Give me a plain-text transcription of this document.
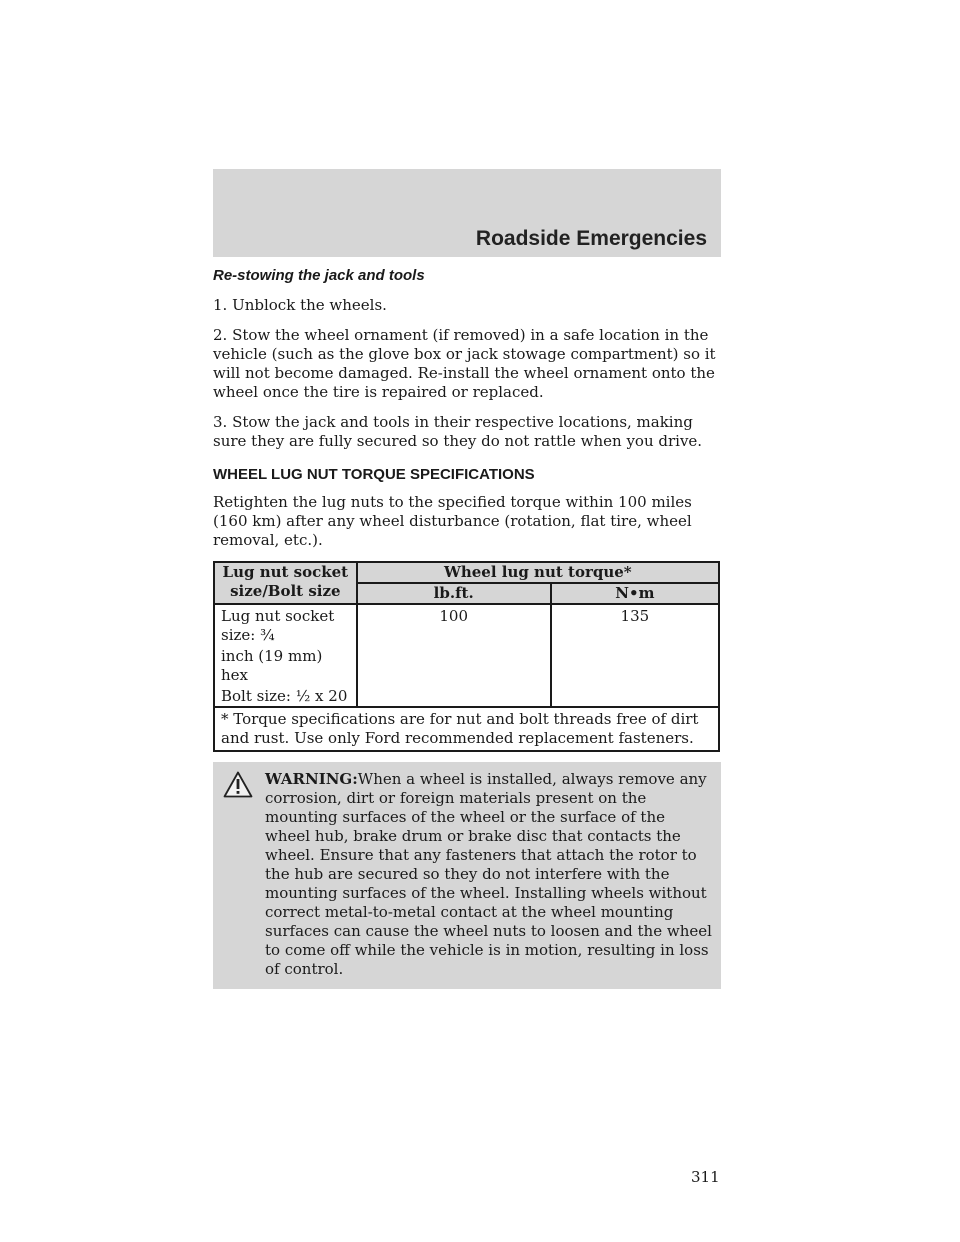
Roadside Emergencies
Re-stowing the jack and tools

1. Unblock the wheels.

2. Stow the wheel ornament (if removed) in a safe location in the vehicle (such as the glove box or jack stowage compartment) so it will not become damaged. Re-install the wheel ornament onto the wheel once the tire is repaired or replaced.

3. Stow the jack and tools in their respective locations, making sure they are fully secured so they do not rattle when you drive.

WHEEL LUG NUT TORQUE SPECIFICATIONS

Retighten the lug nuts to the specified torque within 100 miles (160 km) after any wheel disturbance (rotation, flat tire, wheel removal, etc.).

Lug nut socket size/Bolt size	Wheel lug nut torque*	
	lb.ft.	N•m

Lug nut socket size: ¾
inch (19 mm) hex
Bolt size: ½ x 20	100	135

* Torque specifications are for nut and bolt threads free of dirt and rust. Use only Ford recommended replacement fasteners.		
WARNING:When a wheel is installed, always remove any corrosion, dirt or foreign materials present on the mounting surfaces of the wheel or the surface of the wheel hub, brake drum or brake disc that contacts the wheel. Ensure that any fasteners that attach the rotor to the hub are secured so they do not interfere with the mounting surfaces of the wheel. Installing wheels without correct metal-to-metal contact at the wheel mounting surfaces can cause the wheel nuts to loosen and the wheel to come off while the vehicle is in motion, resulting in loss of control.
311
